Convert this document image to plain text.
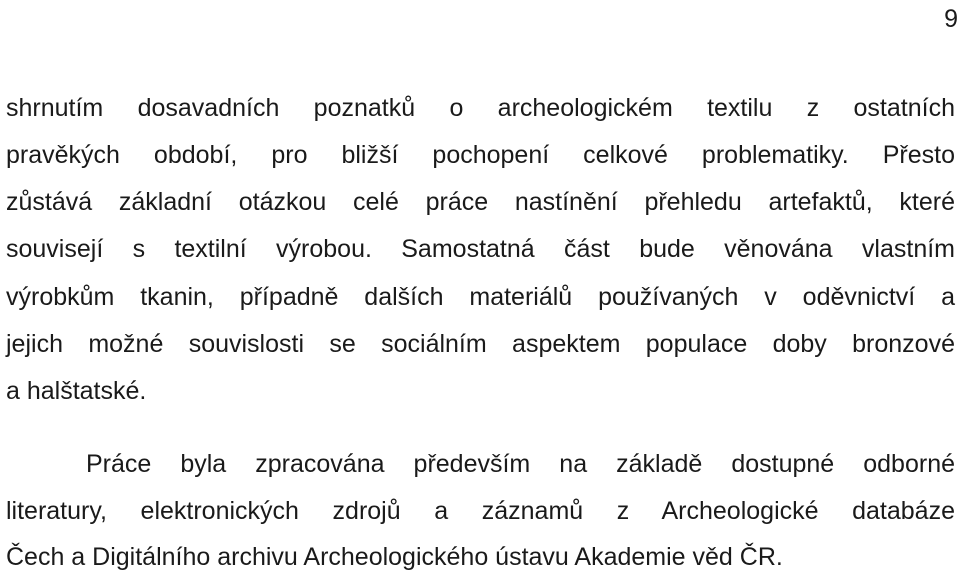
9
shrnutím dosavadních poznatků o archeologickém textilu z ostatních
pravěkých období, pro bližší pochopení celkové problematiky. Přesto
zůstává základní otázkou celé práce nastínění přehledu artefaktů, které
souvisejí s textilní výrobou. Samostatná část bude věnována vlastním
výrobkům tkanin, případně dalších materiálů používaných v oděvnictví a
jejich možné souvislosti se sociálním aspektem populace doby bronzové
a halštatské.
Práce byla zpracována především na základě dostupné odborné
literatury, elektronických zdrojů a záznamů z Archeologické databáze
Čech a Digitálního archivu Archeologického ústavu Akademie věd ČR.
